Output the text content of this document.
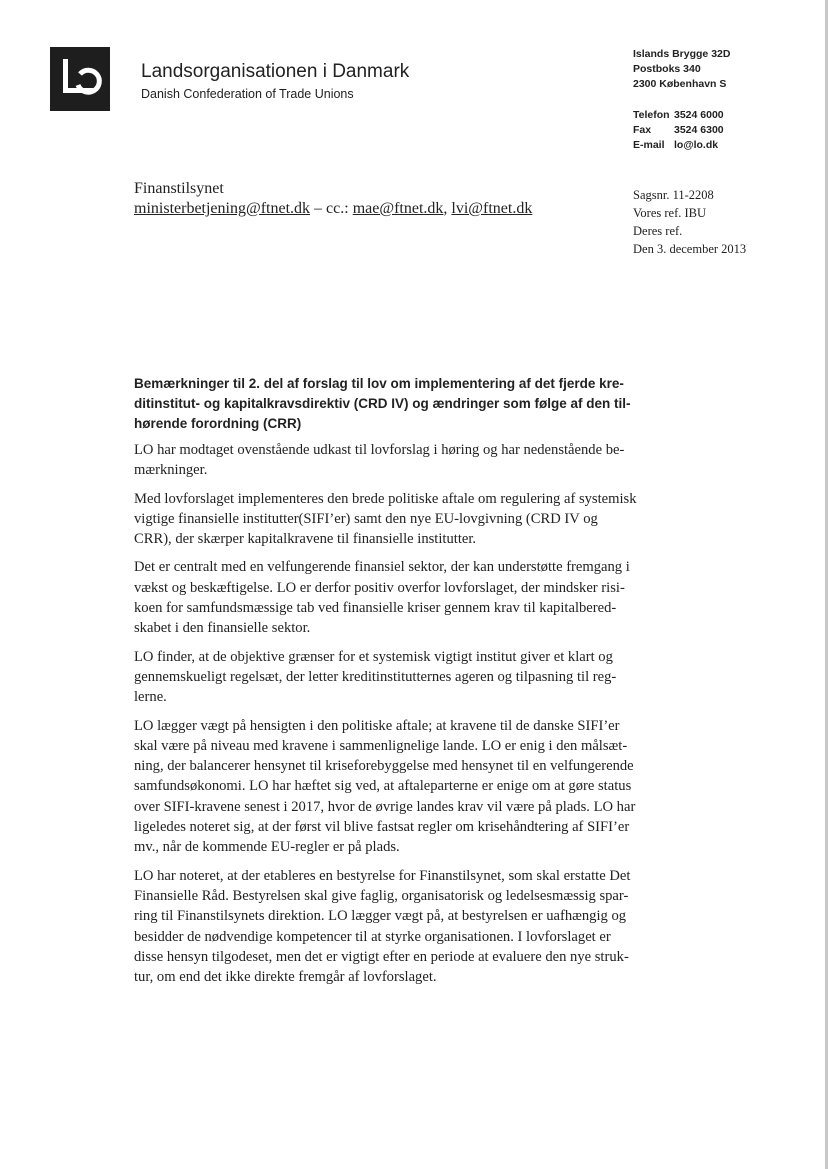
Landsorganisationen i Danmark
Danish Confederation of Trade Unions
Islands Brygge 32D
Postboks 340
2300 København S
Telefon 3524 6000
Fax 3524 6300
E-mail lo@lo.dk
Finanstilsynet
ministerbetjening@ftnet.dk – cc.: mae@ftnet.dk, lvi@ftnet.dk
Sagsnr. 11-2208
Vores ref. IBU
Deres ref.
Den 3. december 2013
Bemærkninger til 2. del af forslag til lov om implementering af det fjerde kre-
ditinstitut- og kapitalkravsdirektiv (CRD IV) og ændringer som følge af den til-
hørende forordning (CRR)

LO har modtaget ovenstående udkast til lovforslag i høring og har nedenstående be-
mærkninger.

Med lovforslaget implementeres den brede politiske aftale om regulering af systemisk
vigtige finansielle institutter(SIFI’er) samt den nye EU-lovgivning (CRD IV og
CRR), der skærper kapitalkravene til finansielle institutter.

Det er centralt med en velfungerende finansiel sektor, der kan understøtte fremgang i
vækst og beskæftigelse. LO er derfor positiv overfor lovforslaget, der mindsker risi-
koen for samfundsmæssige tab ved finansielle kriser gennem krav til kapitalbered-
skabet i den finansielle sektor.

LO finder, at de objektive grænser for et systemisk vigtigt institut giver et klart og
gennemskueligt regelsæt, der letter kreditinstitutternes ageren og tilpasning til reg-
lerne.

LO lægger vægt på hensigten i den politiske aftale; at kravene til de danske SIFI’er
skal være på niveau med kravene i sammenlignelige lande. LO er enig i den målsæt-
ning, der balancerer hensynet til kriseforebyggelse med hensynet til en velfungerende
samfundsøkonomi. LO har hæftet sig ved, at aftaleparterne er enige om at gøre status
over SIFI-kravene senest i 2017, hvor de øvrige landes krav vil være på plads. LO har
ligeledes noteret sig, at der først vil blive fastsat regler om krisehåndtering af SIFI’er
mv., når de kommende EU-regler er på plads.

LO har noteret, at der etableres en bestyrelse for Finanstilsynet, som skal erstatte Det
Finansielle Råd. Bestyrelsen skal give faglig, organisatorisk og ledelsesmæssig spar-
ring til Finanstilsynets direktion. LO lægger vægt på, at bestyrelsen er uafhængig og
besidder de nødvendige kompetencer til at styrke organisationen. I lovforslaget er
disse hensyn tilgodeset, men det er vigtigt efter en periode at evaluere den nye struk-
tur, om end det ikke direkte fremgår af lovforslaget.
